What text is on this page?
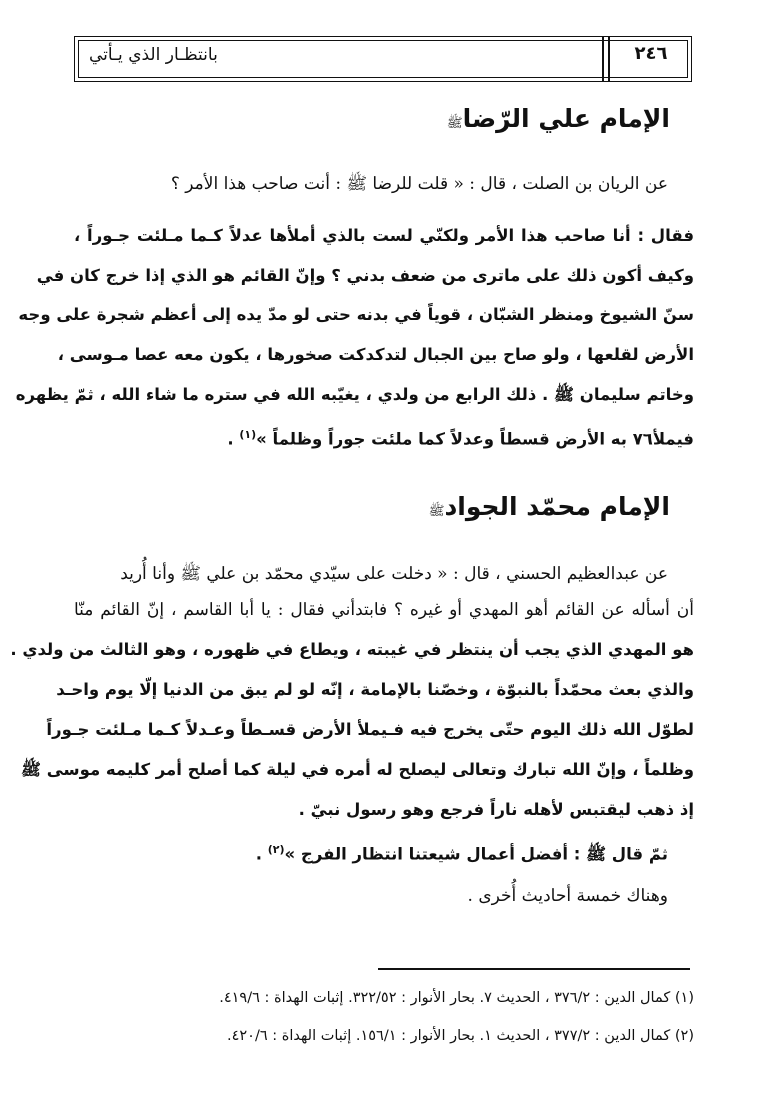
بانتظـار الذي يـأتي	٢٤٦
الإمام علي الرّضاﷺ
عن الريان بن الصلت ، قال : « قلت للرضا ﷺ : أنت صاحب هذا الأمر ؟
فقال : أنا صاحب هذا الأمر ولكنّي لست بالذي أملأها عدلاً كـما مـلئت جـوراً ،
وكيف أكون ذلك على ماترى من ضعف بدني ؟ وإنّ القائم هو الذي إذا خرج كان في
سنّ الشيوخ ومنظر الشبّان ، قوياً في بدنه حتى لو مدّ يده إلى أعظم شجرة على وجه
الأرض لقلعها ، ولو صاح بين الجبال لتدكدكت صخورها ، يكون معه عصا مـوسى ،
وخاتم سليمان ﷺ . ذلك الرابع من ولدي ، يغيّبه الله في ستره ما شاء الله ، ثمّ يظهره
فيملأ٧٦ به الأرض قسطاً وعدلاً كما ملئت جوراً وظلماً »$^{(١)}$ .
الإمام محمّد الجوادﷺ
عن عبدالعظيم الحسني ، قال : « دخلت على سيّدي محمّد بن علي ﷺ وأنا أُريد
أن أسأله عن القائم أهو المهدي أو غيره ؟ فابتدأني فقال : يا أبا القاسم ، إنّ القائم منّا
هو المهدي الذي يجب أن ينتظر في غيبته ، ويطاع في ظهوره ، وهو الثالث من ولدي .
والذي بعث محمّداً بالنبوّة ، وخصّنا بالإمامة ، إنّه لو لم يبق من الدنيا إلّا يوم واحـد
لطوّل الله ذلك اليوم حتّى يخرج فيه فـيملأ الأرض قسـطاً وعـدلاً كـما مـلئت جـوراً
وظلماً ، وإنّ الله تبارك وتعالى ليصلح له أمره في ليلة كما أصلح أمر كليمه موسى ﷺ
إذ ذهب ليقتبس لأهله ناراً فرجع وهو رسول نبيّ .
ثمّ قال ﷺ : أفضل أعمال شيعتنا انتظار الفرج »$^{(٢)}$ .
وهناك خمسة أحاديث أُخرى .
(١) كمال الدين : ٣٧٦/٢ ، الحديث ٧. بحار الأنوار : ٣٢٢/٥٢. إثبات الهداة : ٤١٩/٦.
(٢) كمال الدين : ٣٧٧/٢ ، الحديث ١. بحار الأنوار : ١٥٦/١. إثبات الهداة : ٤٢٠/٦.
